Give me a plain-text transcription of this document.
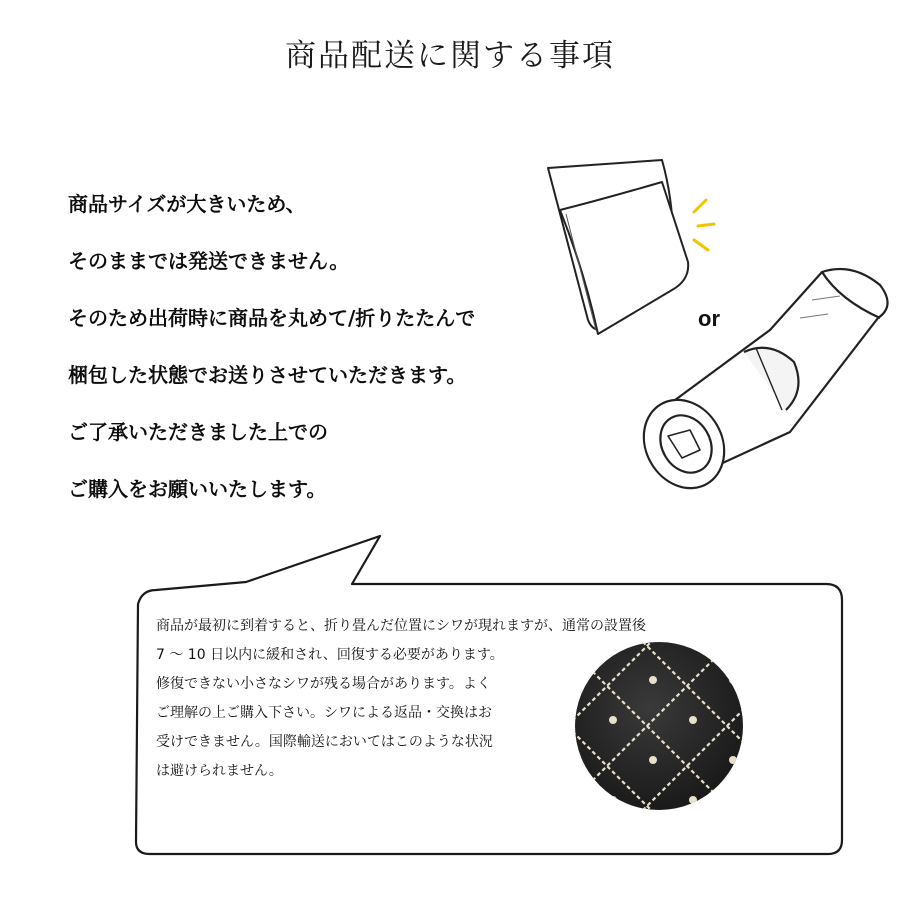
商品配送に関する事項
商品サイズが大きいため、
そのままでは発送できません。
そのため出荷時に商品を丸めて/折りたたんで
梱包した状態でお送りさせていただきます。
ご了承いただきました上での
ご購入をお願いいたします。
or
商品が最初に到着すると、折り畳んだ位置にシワが現れますが、通常の設置後
7 〜 10 日以内に緩和され、回復する必要があります。
修復できない小さなシワが残る場合があります。よく
ご理解の上ご購入下さい。シワによる返品・交換はお
受けできません。国際輸送においてはこのような状況
は避けられません。
